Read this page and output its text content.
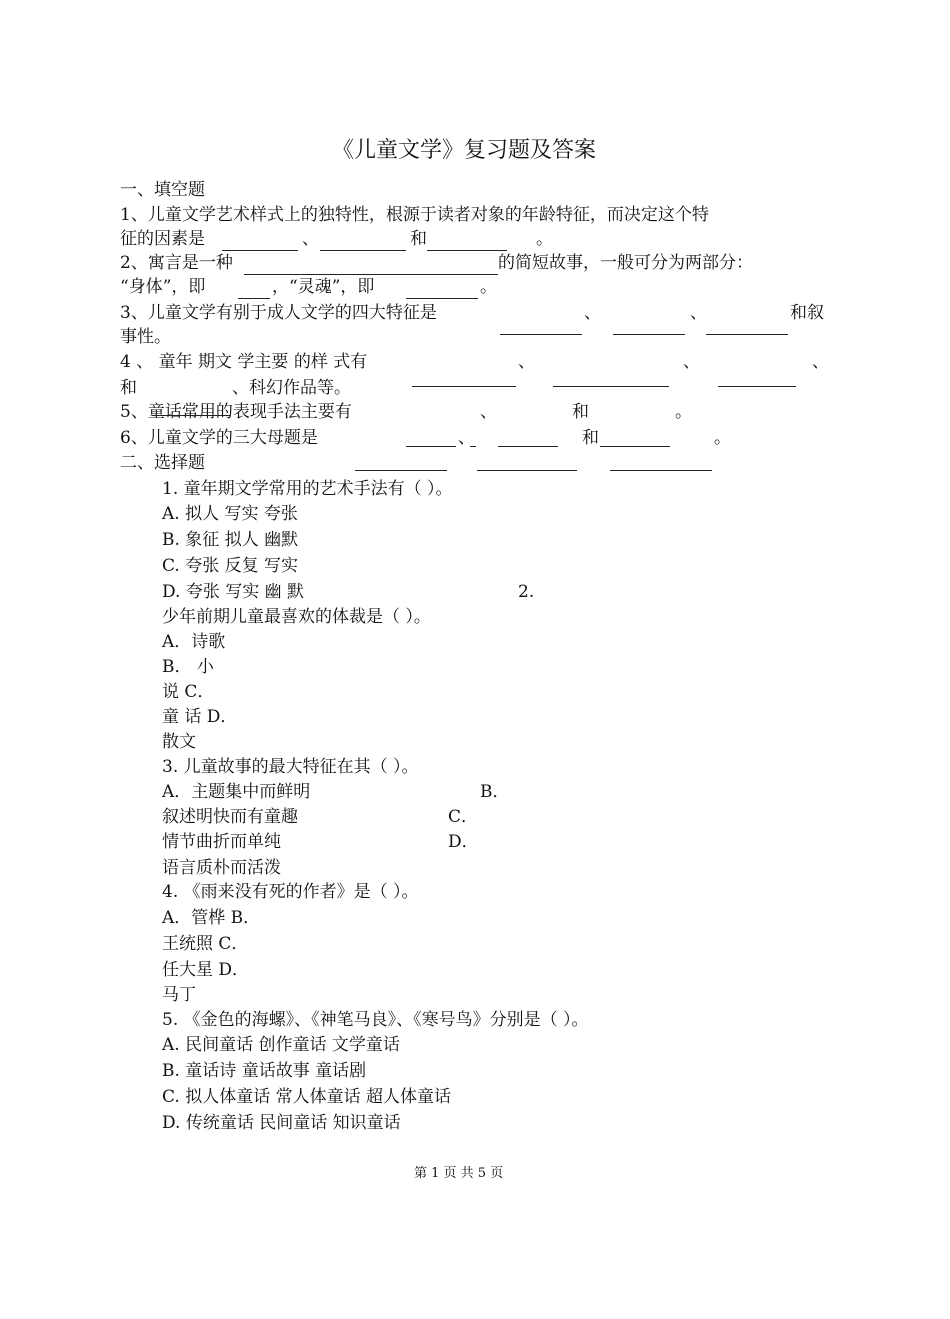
《儿童文学》复习题及答案
一、填空题
1、儿童文学艺术样式上的独特性，根源于读者对象的年龄特征，而决定这个特
征的因素是	、	和	。
2、寓言是一种	的简短故事，一般可分为两部分：
“身体”，即	，“灵魂”，即	。
3、儿童文学有别于成人文学的四大特征是	、	、	和叙
事性。
4 、 童年 期文 学主要 的样 式有	、	、	、
和	、科幻作品等。
5、童话常用的表现手法主要有	、	和	。
6、儿童文学的三大母题是	、	和	。
二、选择题
1. 童年期文学常用的艺术手法有（ ）。
A. 拟人 写实 夸张
B. 象征 拟人 幽默
C. 夸张 反复 写实
D. 夸张 写实 幽 默	2.
少年前期儿童最喜欢的体裁是（ ）。
A．诗歌
B． 小
说 C．
童 话 D．
散文
3. 儿童故事的最大特征在其（ ）。
A．主题集中而鲜明	B．
叙述明快而有童趣	C．
情节曲折而单纯	D．
语言质朴而活泼
4. 《雨来没有死的作者》是（ ）。
A．管桦 B．
王统照 C．
任大星 D．
马丁
5. 《金色的海螺》、《神笔马良》、《寒号鸟》分别是（ ）。
A. 民间童话 创作童话 文学童话
B. 童话诗 童话故事 童话剧
C. 拟人体童话 常人体童话 超人体童话
D. 传统童话 民间童话 知识童话
第 1 页 共 5 页
